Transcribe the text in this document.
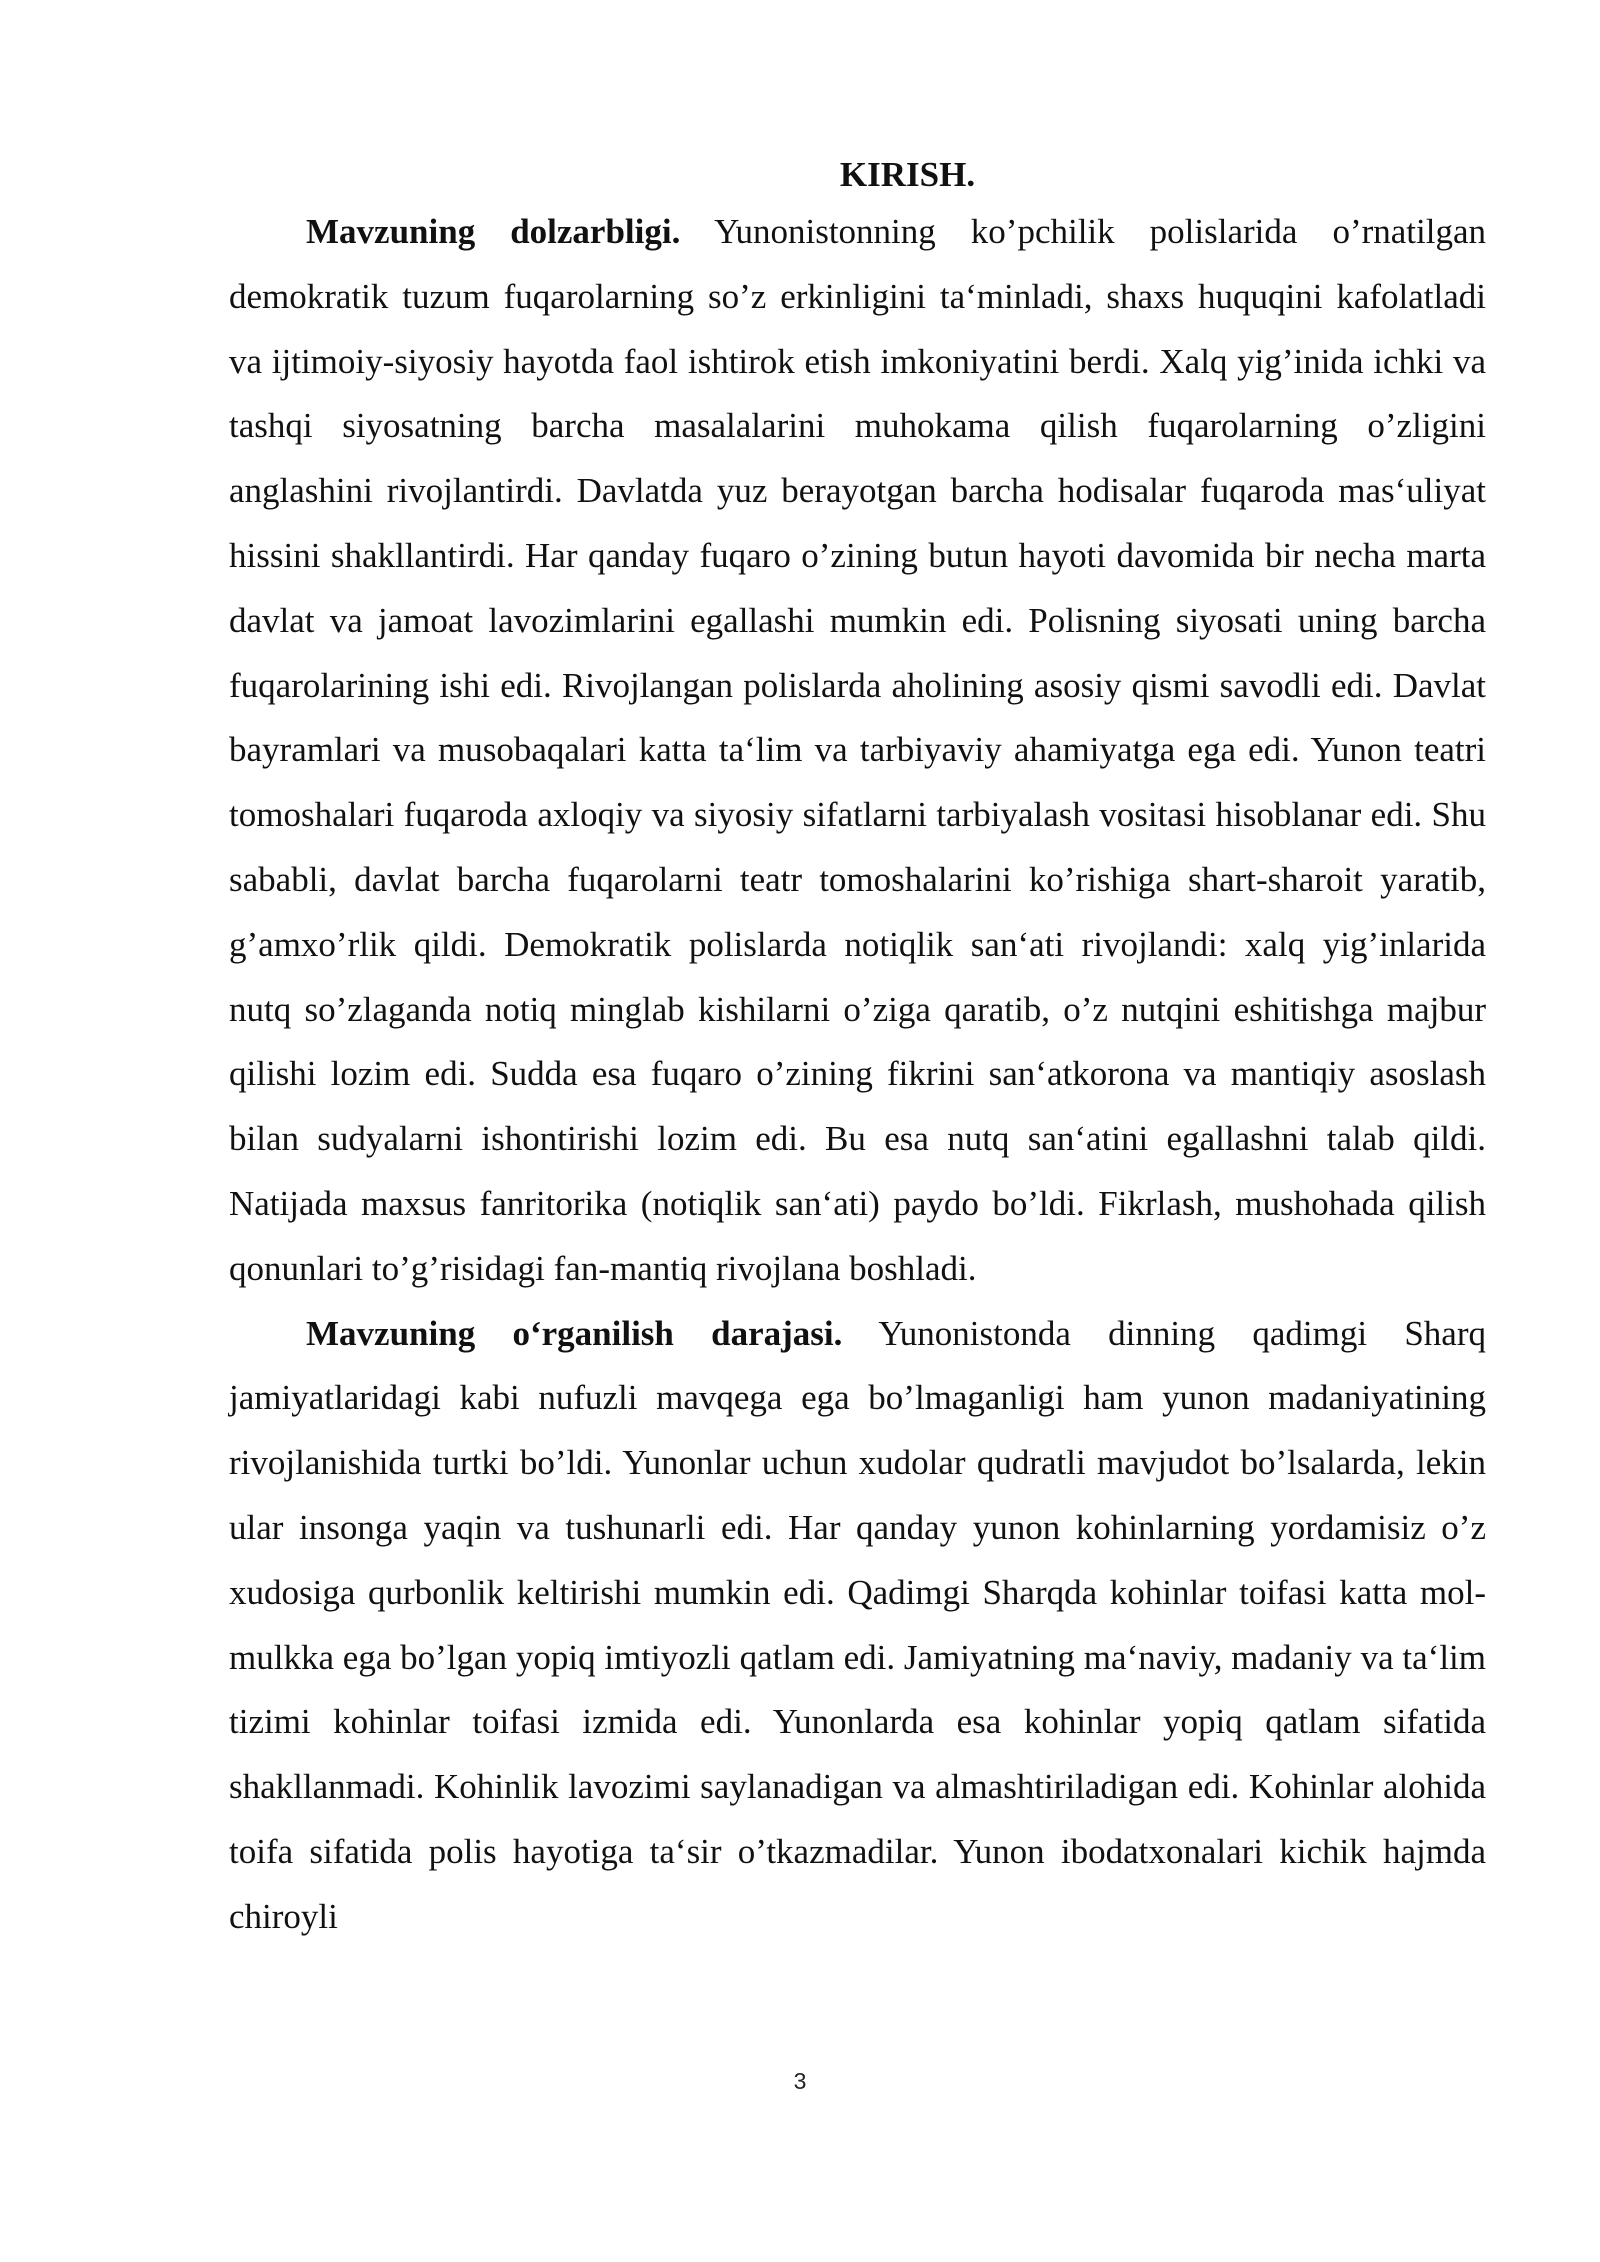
KIRISH.

Mavzuning dolzarbligi. Yunonistonning ko’pchilik polislarida o’rnatilgan demokratik tuzum fuqarolarning so’z erkinligini ta‘minladi, shaxs huquqini kafolatladi va ijtimoiy-siyosiy hayotda faol ishtirok etish imkoniyatini berdi. Xalq yig’inida ichki va tashqi siyosatning barcha masalalarini muhokama qilish fuqarolarning o’zligini anglashini rivojlantirdi. Davlatda yuz berayotgan barcha hodisalar fuqaroda mas‘uliyat hissini shakllantirdi. Har qanday fuqaro o’zining butun hayoti davomida bir necha marta davlat va jamoat lavozimlarini egallashi mumkin edi. Polisning siyosati uning barcha fuqarolarining ishi edi. Rivojlangan polislarda aholining asosiy qismi savodli edi. Davlat bayramlari va musobaqalari katta ta‘lim va tarbiyaviy ahamiyatga ega edi. Yunon teatri tomoshalari fuqaroda axloqiy va siyosiy sifatlarni tarbiyalash vositasi hisoblanar edi. Shu sababli, davlat barcha fuqarolarni teatr tomoshalarini ko’rishiga shart-sharoit yaratib, g’amxo’rlik qildi. Demokratik polislarda notiqlik san‘ati rivojlandi: xalq yig’inlarida nutq so’zlaganda notiq minglab kishilarni o’ziga qaratib, o’z nutqini eshitishga majbur qilishi lozim edi. Sudda esa fuqaro o’zining fikrini san‘atkorona va mantiqiy asoslash bilan sudyalarni ishontirishi lozim edi. Bu esa nutq san‘atini egallashni talab qildi. Natijada maxsus fanritorika (notiqlik san‘ati) paydo bo’ldi. Fikrlash, mushohada qilish qonunlari to’g’risidagi fan-mantiq rivojlana boshladi.

Mavzuning o‘rganilish darajasi. Yunonistonda dinning qadimgi Sharq jamiyatlaridagi kabi nufuzli mavqega ega bo’lmaganligi ham yunon madaniyatining rivojlanishida turtki bo’ldi. Yunonlar uchun xudolar qudratli mavjudot bo’lsalarda, lekin ular insonga yaqin va tushunarli edi. Har qanday yunon kohinlarning yordamisiz o’z xudosiga qurbonlik keltirishi mumkin edi. Qadimgi Sharqda kohinlar toifasi katta mol-mulkka ega bo’lgan yopiq imtiyozli qatlam edi. Jamiyatning ma‘naviy, madaniy va ta‘lim tizimi kohinlar toifasi izmida edi. Yunonlarda esa kohinlar yopiq qatlam sifatida shakllanmadi. Kohinlik lavozimi saylanadigan va almashtiriladigan edi. Kohinlar alohida toifa sifatida polis hayotiga ta‘sir o’tkazmadilar. Yunon ibodatxonalari kichik hajmda chiroyli

3
